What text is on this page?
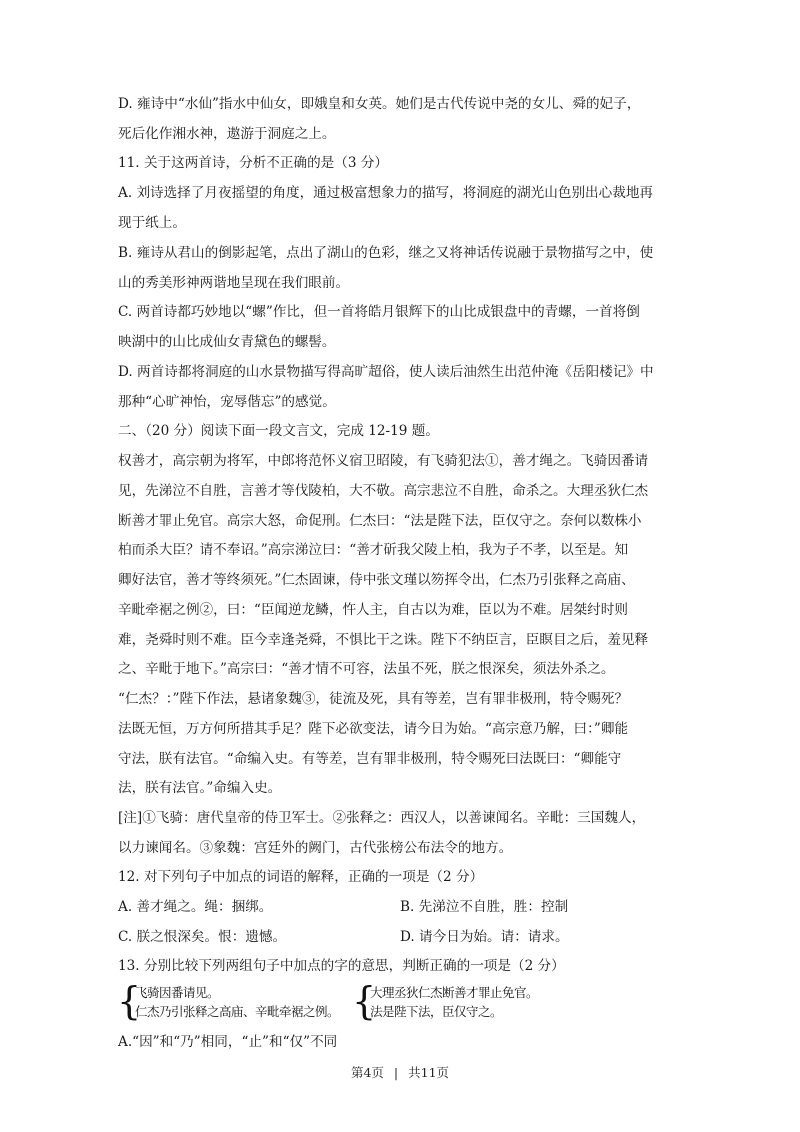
D. 雍诗中“水仙”指水中仙女，即娥皇和女英。她们是古代传说中尧的女儿、舜的妃子，
死后化作湘水神，遨游于洞庭之上。
11. 关于这两首诗，分析不正确的是（3 分）
A. 刘诗选择了月夜摇望的角度，通过极富想象力的描写，将洞庭的湖光山色别出心裁地再
现于纸上。
B. 雍诗从君山的倒影起笔，点出了湖山的色彩，继之又将神话传说融于景物描写之中，使
山的秀美形神两谐地呈现在我们眼前。
C. 两首诗都巧妙地以“螺”作比，但一首将皓月银辉下的山比成银盘中的青螺，一首将倒
映湖中的山比成仙女青黛色的螺髻。
D. 两首诗都将洞庭的山水景物描写得高旷超俗，使人读后油然生出范仲淹《岳阳楼记》中
那种“心旷神怡，宠辱偕忘”的感觉。
二、（20 分）阅读下面一段文言文，完成 12-19 题。
权善才，高宗朝为将军，中郎将范怀义宿卫昭陵，有飞骑犯法①，善才绳之。飞骑因番请
见，先涕泣不自胜，言善才等伐陵柏，大不敬。高宗悲泣不自胜，命杀之。大理丞狄仁杰
断善才罪止免官。高宗大怒，命促刑。仁杰曰：“法是陛下法，臣仅守之。奈何以数株小
柏而杀大臣？请不奉诏。”高宗涕泣曰：“善才斫我父陵上柏，我为子不孝，以至是。知
卿好法官，善才等终须死。”仁杰固谏，侍中张文瑾以笏挥令出，仁杰乃引张释之高庙、
辛毗牵裾之例②，曰：“臣闻逆龙鳞，忤人主，自古以为难，臣以为不难。居桀纣时则
难，尧舜时则不难。臣今幸逢尧舜，不惧比干之诛。陛下不纳臣言，臣瞑目之后，羞见释
之、辛毗于地下。”高宗曰：“善才情不可容，法虽不死，朕之恨深矣，须法外杀之。
“仁杰？：”陛下作法，悬诸象魏③，徒流及死，具有等差，岂有罪非极刑，特令赐死？
法既无恒，万方何所措其手足？陛下必欲变法，请今日为始。“高宗意乃解，曰：”卿能
守法，朕有法官。“命编入史。有等差，岂有罪非极刑，特令赐死曰法既曰：“卿能守
法，朕有法官。”命编入史。
[注]①飞骑：唐代皇帝的侍卫军士。②张释之：西汉人，以善谏闻名。辛毗：三国魏人，
以力谏闻名。③象魏：宫廷外的阙门，古代张榜公布法令的地方。
12. 对下列句子中加点的词语的解释，正确的一项是（2 分）
A. 善才绳之。绳：捆绑。	B. 先涕泣不自胜，胜：控制
C. 朕之恨深矣。恨：遗憾。	D. 请今日为始。请：请求。
13. 分别比较下列两组句子中加点的字的意思，判断正确的一项是（2 分）
{
飞骑因番请见。
仁杰乃引张释之高庙、辛毗牵裾之例。 {
大理丞狄仁杰断善才罪止免官。
法是陛下法，臣仅守之。
A.“因”和“乃”相同，“止”和“仅”不同
第4页 | 共11页
